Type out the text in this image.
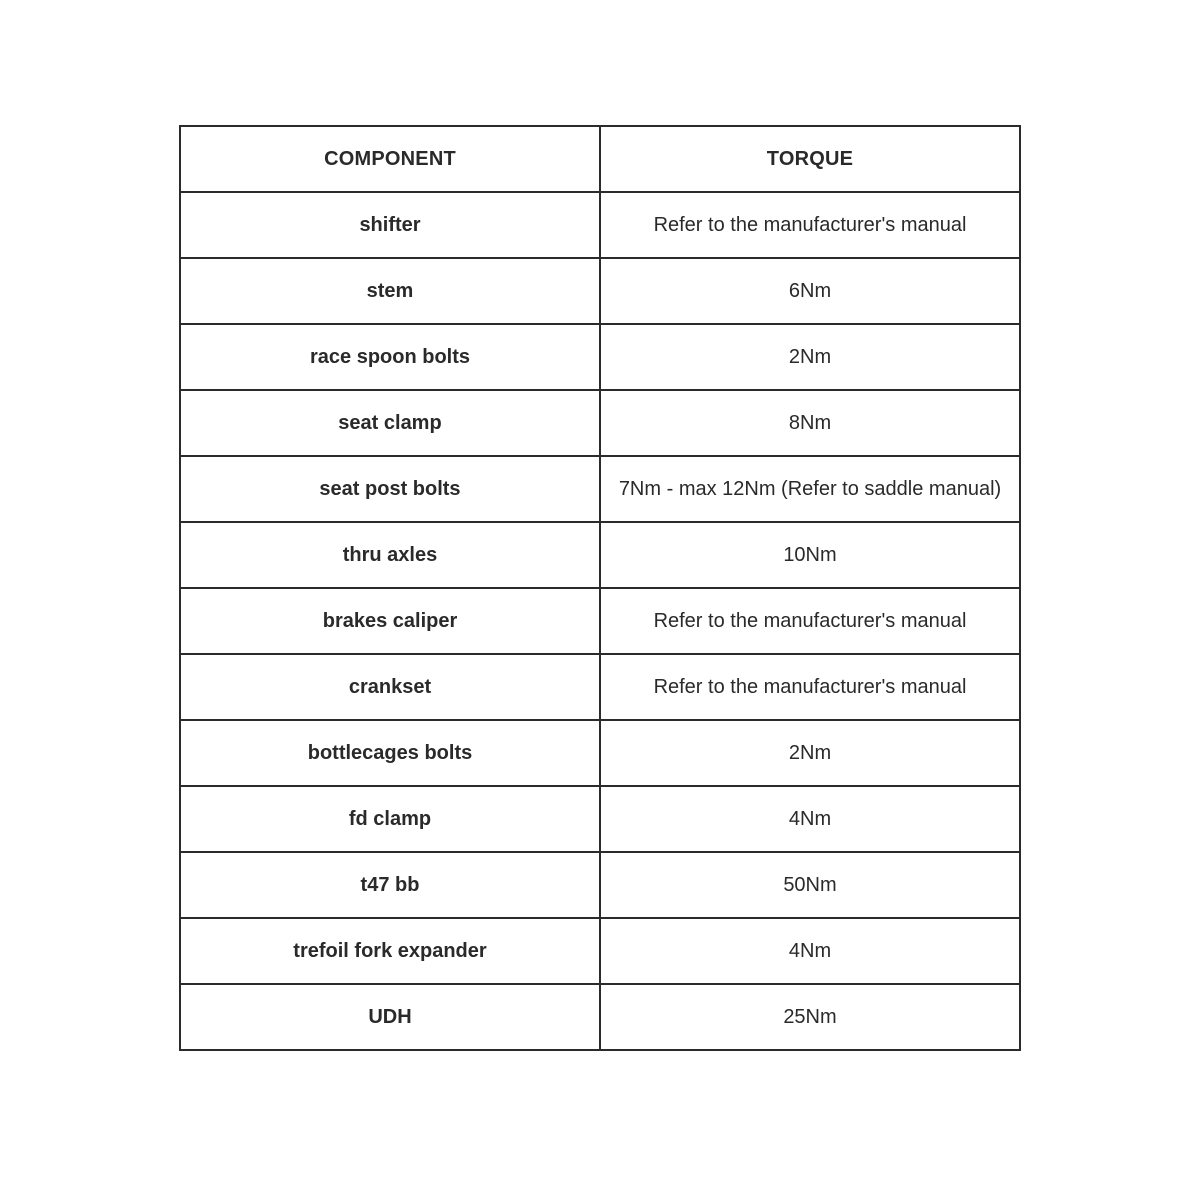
COMPONENT	TORQUE
shifter	Refer to the manufacturer's manual
stem	6Nm
race spoon bolts	2Nm
seat clamp	8Nm
seat post bolts	7Nm - max 12Nm (Refer to saddle manual)
thru axles	10Nm
brakes caliper	Refer to the manufacturer's manual
crankset	Refer to the manufacturer's manual
bottlecages bolts	2Nm
fd clamp	4Nm
t47 bb	50Nm
trefoil fork expander	4Nm
UDH	25Nm
